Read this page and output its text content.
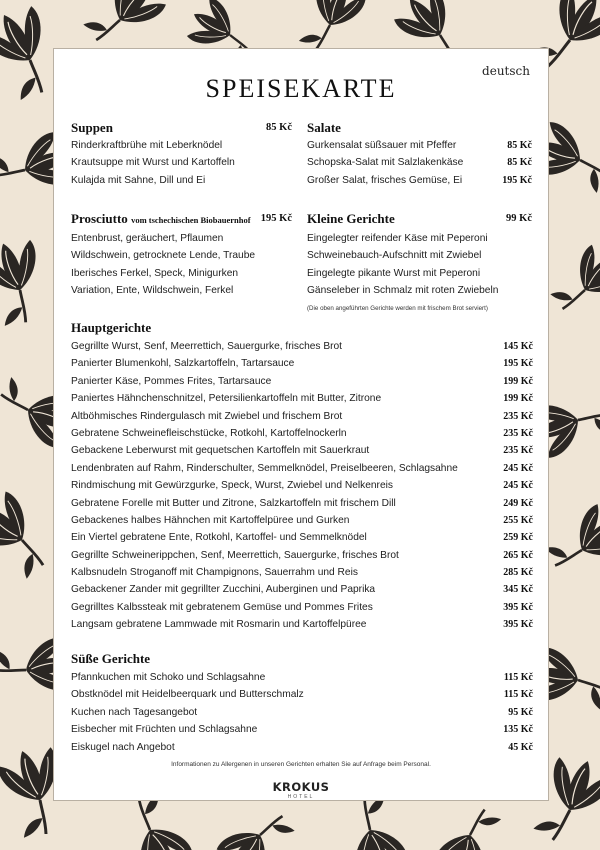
deutsch
SPEISEKARTE
Suppen	85 Kč
Rinderkraftbrühe mit Leberknödel
Krautsuppe mit Wurst und Kartoffeln
Kulajda mit Sahne, Dill und Ei
Salate
Gurkensalat süßsauer mit Pfeffer	85 Kč
Schopska-Salat mit Salzlakenkäse	85 Kč
Großer Salat, frisches Gemüse, Ei	195 Kč
Prosciutto vom tschechischen Biobauernhof 195 Kč
Entenbrust, geräuchert, Pflaumen
Wildschwein, getrocknete Lende, Traube
Iberisches Ferkel, Speck, Minigurken
Variation, Ente, Wildschwein, Ferkel
Kleine Gerichte	99 Kč
Eingelegter reifender Käse mit Peperoni
Schweinebauch-Aufschnitt mit Zwiebel
Eingelegte pikante Wurst mit Peperoni
Gänseleber in Schmalz mit roten Zwiebeln
(Die oben angeführten Gerichte werden mit frischem Brot serviert)
Hauptgerichte
Gegrillte Wurst, Senf, Meerrettich, Sauergurke, frisches Brot	145 Kč
Panierter Blumenkohl, Salzkartoffeln, Tartarsauce	195 Kč
Panierter Käse, Pommes Frites, Tartarsauce	199 Kč
Paniertes Hähnchenschnitzel, Petersilienkartoffeln mit Butter, Zitrone	199 Kč
Altböhmisches Rindergulasch mit Zwiebel und frischem Brot	235 Kč
Gebratene Schweinefleischstücke, Rotkohl, Kartoffelnockerln	235 Kč
Gebackene Leberwurst mit gequetschen Kartoffeln mit Sauerkraut	235 Kč
Lendenbraten auf Rahm, Rinderschulter, Semmelknödel, Preiselbeeren, Schlagsahne	245 Kč
Rindmischung mit Gewürzgurke, Speck, Wurst, Zwiebel und Nelkenreis	245 Kč
Gebratene Forelle mit Butter und Zitrone, Salzkartoffeln mit frischem Dill	249 Kč
Gebackenes halbes Hähnchen mit Kartoffelpüree und Gurken	255 Kč
Ein Viertel gebratene Ente, Rotkohl, Kartoffel- und Semmelknödel	259 Kč
Gegrillte Schweinerippchen, Senf, Meerrettich, Sauergurke, frisches Brot	265 Kč
Kalbsnudeln Stroganoff mit Champignons, Sauerrahm und Reis	285 Kč
Gebackener Zander mit gegrillter Zucchini, Auberginen und Paprika	345 Kč
Gegrilltes Kalbssteak mit gebratenem Gemüse und Pommes Frites	395 Kč
Langsam gebratene Lammwade mit Rosmarin und Kartoffelpüree	395 Kč
Süße Gerichte
Pfannkuchen mit Schoko und Schlagsahne	115 Kč
Obstknödel mit Heidelbeerquark und Butterschmalz	115 Kč
Kuchen nach Tagesangebot	95 Kč
Eisbecher mit Früchten und Schlagsahne	135 Kč
Eiskugel nach Angebot	45 Kč
Informationen zu Allergenen in unseren Gerichten erhalten Sie auf Anfrage beim Personal.
KROKUS
HOTEL
